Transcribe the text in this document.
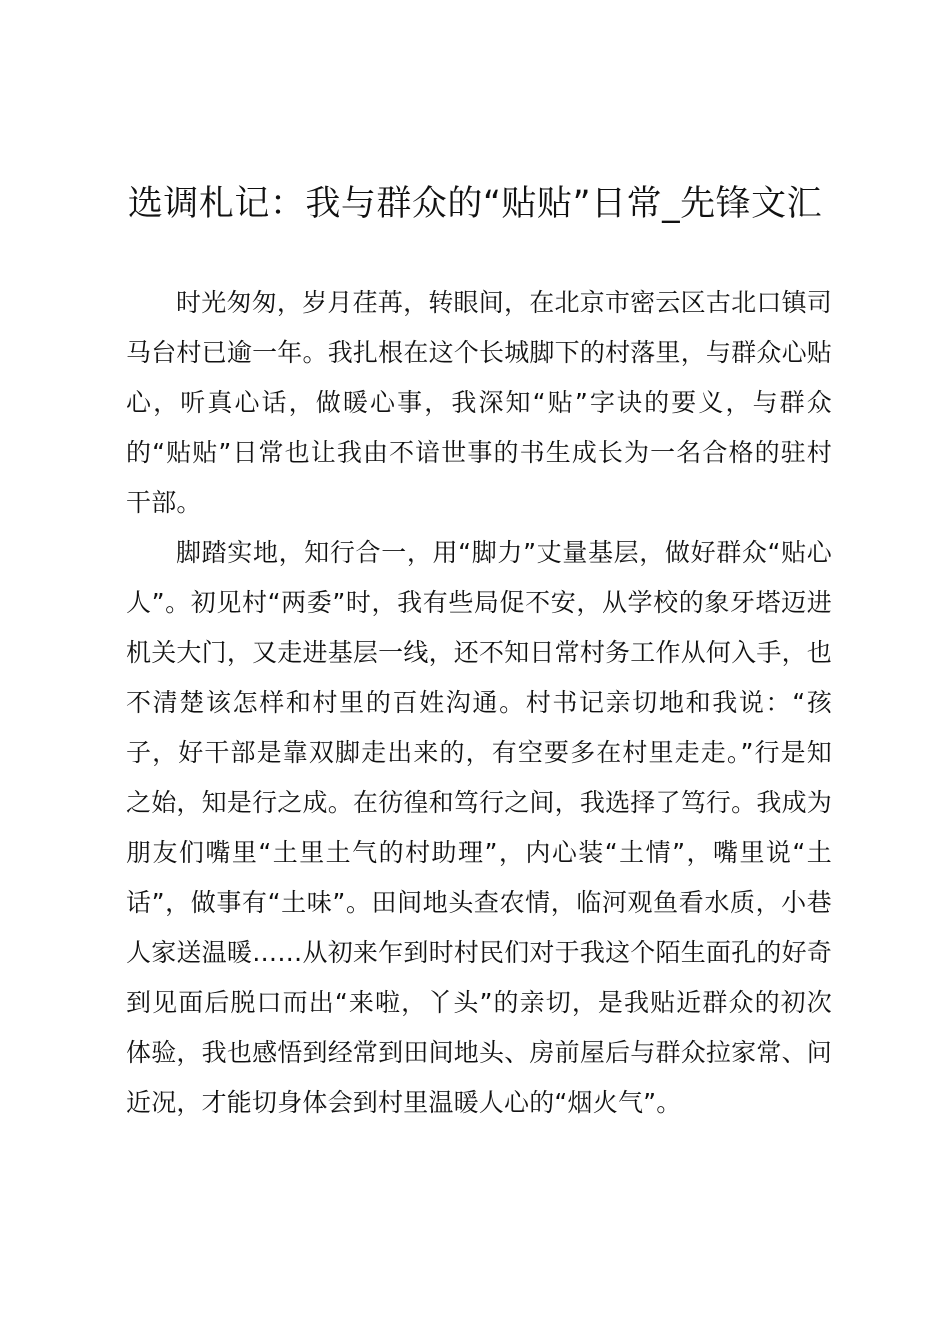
选调札记：我与群众的“贴贴”日常_先锋文汇

时光匆匆，岁月荏苒，转眼间，在北京市密云区古北口镇司马台村已逾一年。我扎根在这个长城脚下的村落里，与群众心贴心，听真心话，做暖心事，我深知“贴”字诀的要义，与群众的“贴贴”日常也让我由不谙世事的书生成长为一名合格的驻村干部。

脚踏实地，知行合一，用“脚力”丈量基层，做好群众“贴心人”。初见村“两委”时，我有些局促不安，从学校的象牙塔迈进机关大门，又走进基层一线，还不知日常村务工作从何入手，也不清楚该怎样和村里的百姓沟通。村书记亲切地和我说：“孩子，好干部是靠双脚走出来的，有空要多在村里走走。”行是知之始，知是行之成。在彷徨和笃行之间，我选择了笃行。我成为朋友们嘴里“土里土气的村助理”，内心装“土情”，嘴里说“土话”，做事有“土味”。田间地头查农情，临河观鱼看水质，小巷人家送温暖……从初来乍到时村民们对于我这个陌生面孔的好奇到见面后脱口而出“来啦，丫头”的亲切，是我贴近群众的初次体验，我也感悟到经常到田间地头、房前屋后与群众拉家常、问近况，才能切身体会到村里温暖人心的“烟火气”。
